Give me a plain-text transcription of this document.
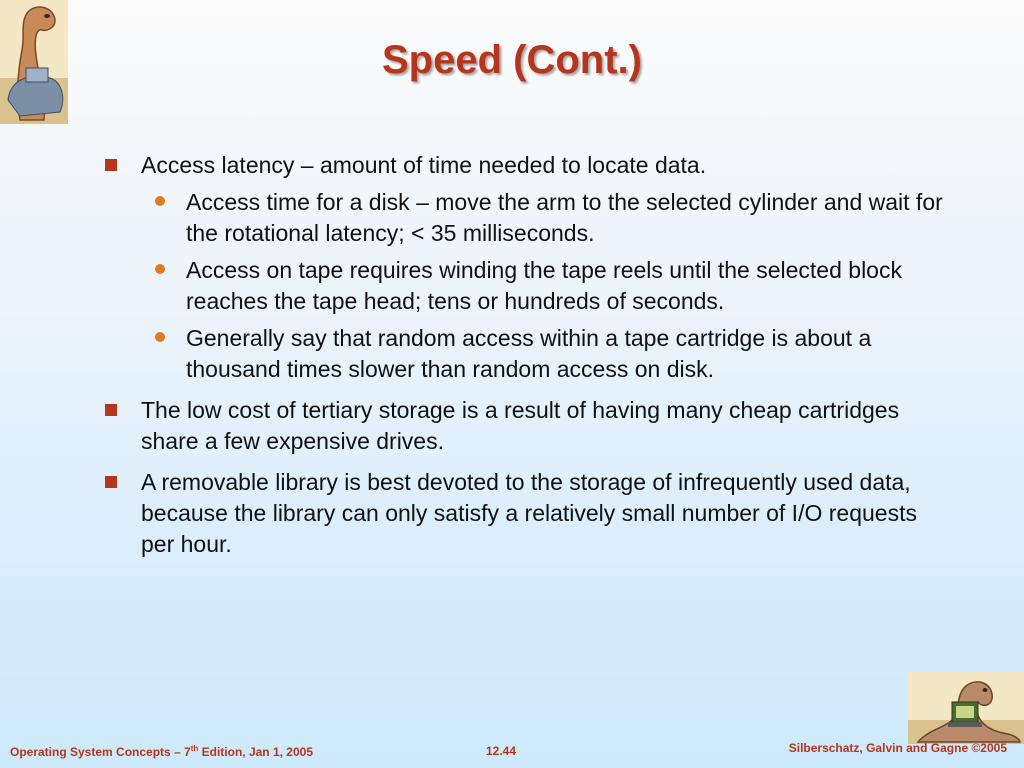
Speed (Cont.)
Access latency – amount of time needed to locate data.
Access time for a disk – move the arm to the selected cylinder and wait for the rotational latency; < 35 milliseconds.
Access on tape requires winding the tape reels until the selected block reaches the tape head; tens or hundreds of seconds.
Generally say that random access within a tape cartridge is about a thousand times slower than random access on disk.
The low cost of tertiary storage is a result of having many cheap cartridges share a few expensive drives.
A removable library is best devoted to the storage of infrequently used data, because the library can only satisfy a relatively small number of I/O requests per hour.
Operating System Concepts – 7th Edition, Jan 1, 2005	12.44	Silberschatz, Galvin and Gagne ©2005
